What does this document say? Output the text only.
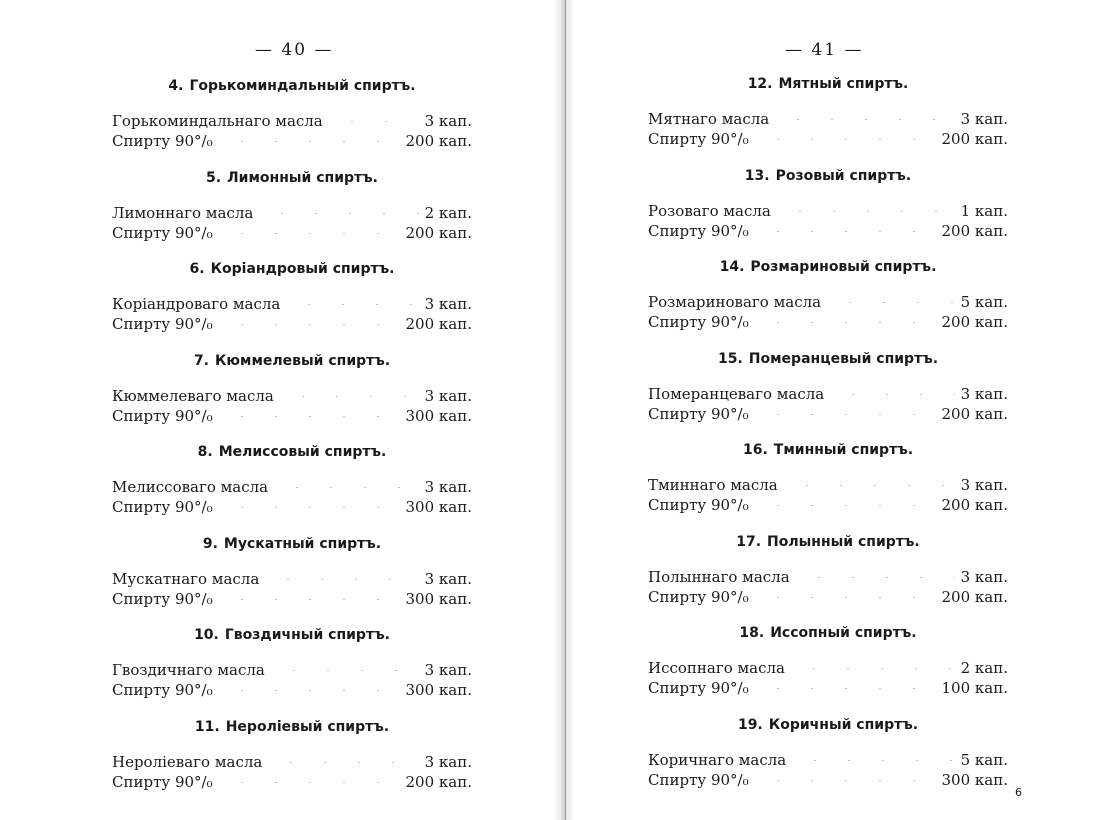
— 40 —
4. Горькоминдальный спиртъ.
Горькоминдальнаго масла	3 кап.
Спирту 90°/₀	200 кап.
5. Лимонный спиртъ.
Лимоннаго масла	2 кап.
Спирту 90°/₀	200 кап.
6. Коріандровый спиртъ.
Коріандроваго масла	3 кап.
Спирту 90°/₀	200 кап.
7. Кюммелевый спиртъ.
Кюммелеваго масла	3 кап.
Спирту 90°/₀	300 кап.
8. Мелиссовый спиртъ.
Мелиссоваго масла	3 кап.
Спирту 90°/₀	300 кап.
9. Мускатный спиртъ.
Мускатнаго масла	3 кап.
Спирту 90°/₀	300 кап.
10. Гвоздичный спиртъ.
Гвоздичнаго масла	3 кап.
Спирту 90°/₀	300 кап.
11. Нероліевый спиртъ.
Нероліеваго масла	3 кап.
Спирту 90°/₀	200 кап.
— 41 —
12. Мятный спиртъ.
Мятнаго масла	3 кап.
Спирту 90°/₀	200 кап.
13. Розовый спиртъ.
Розоваго масла	1 кап.
Спирту 90°/₀	200 кап.
14. Розмариновый спиртъ.
Розмариноваго масла	5 кап.
Спирту 90°/₀	200 кап.
15. Померанцевый спиртъ.
Померанцеваго масла	3 кап.
Спирту 90°/₀	200 кап.
16. Тминный спиртъ.
Тминнаго масла	3 кап.
Спирту 90°/₀	200 кап.
17. Полынный спиртъ.
Полыннаго масла	3 кап.
Спирту 90°/₀	200 кап.
18. Иссопный спиртъ.
Иссопнаго масла	2 кап.
Спирту 90°/₀	100 кап.
19. Коричный спиртъ.
Коричнаго масла	5 кап.
Спирту 90°/₀	300 кап.
6
